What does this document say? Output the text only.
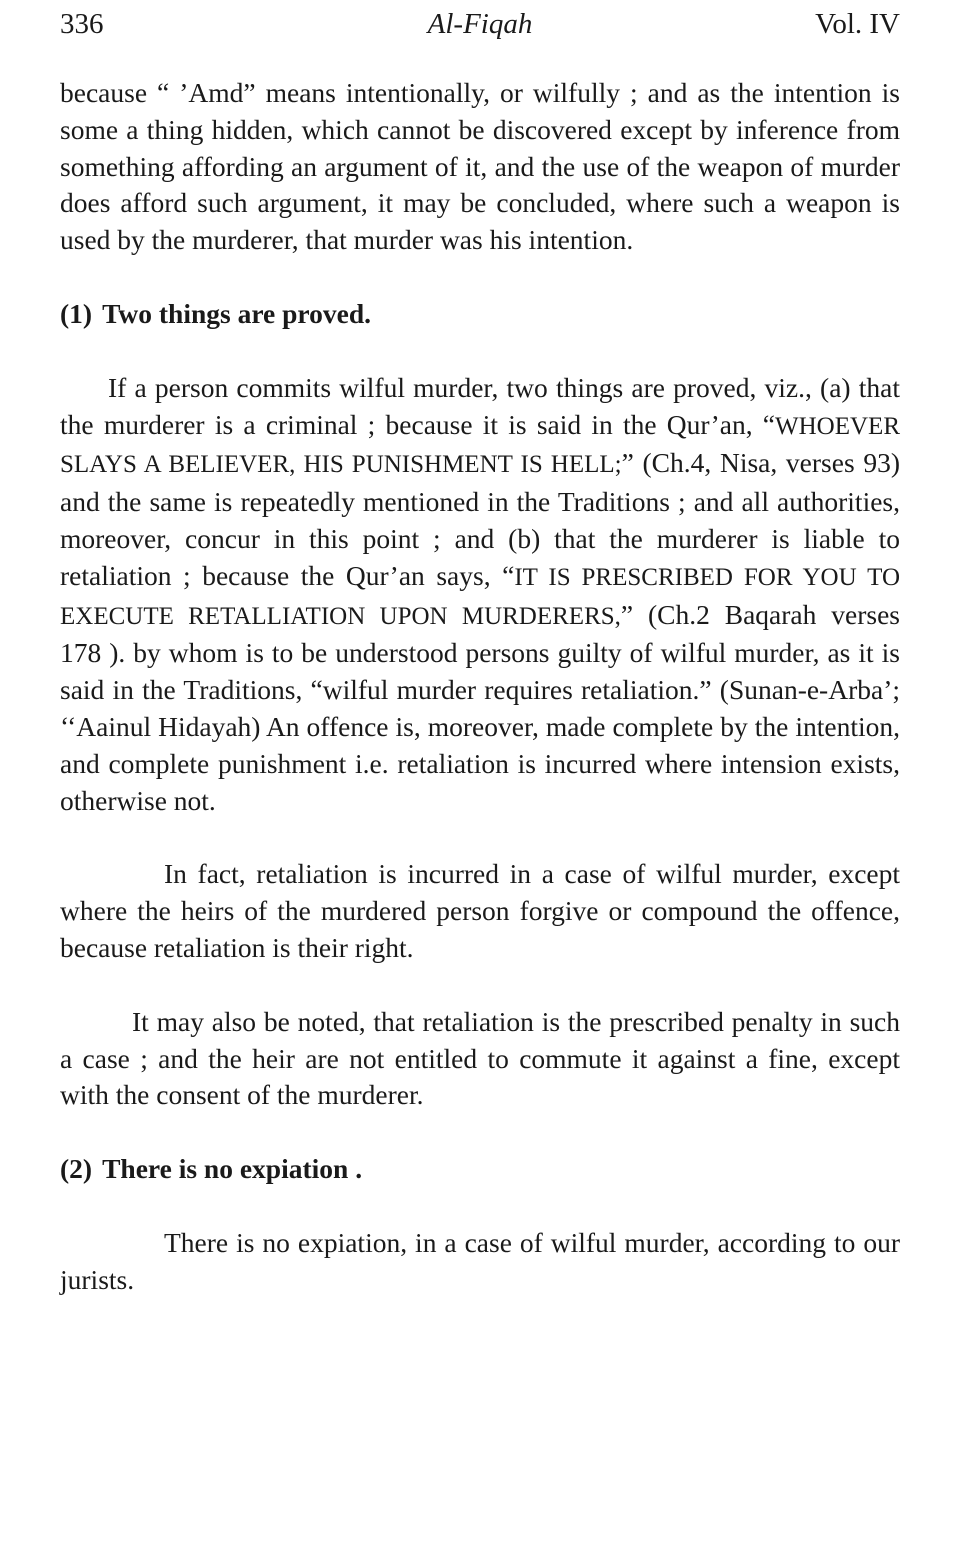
336	Al-Fiqah	Vol. IV

because “ ’Amd” means intentionally, or wilfully ; and as the intention is some a thing hidden, which cannot be discovered except by inference from something affording an argument of it, and the use of the weapon of murder does afford such argument, it may be concluded, where such a weapon is used by the murderer, that murder was his intention.

(1) Two things are proved.

If a person commits wilful murder, two things are proved, viz., (a) that the murderer is a criminal ; because it is said in the Qur’an, “WHOEVER SLAYS A BELIEVER, HIS PUNISHMENT IS HELL;” (Ch.4, Nisa, verses 93) and the same is repeatedly mentioned in the Traditions ; and all authorities, moreover, concur in this point ; and (b) that the murderer is liable to retaliation ; because the Qur’an says, “IT IS PRESCRIBED FOR YOU TO EXECUTE RETALLIATION UPON MURDERERS,” (Ch.2 Baqarah verses 178 ). by whom is to be understood persons guilty of wilful murder, as it is said in the Traditions, “wilful murder requires retaliation.” (Sunan-e-Arba’; ‘‘Aainul Hidayah) An offence is, moreover, made complete by the intention, and complete punishment i.e. retaliation is incurred where intension exists, otherwise not.

In fact, retaliation is incurred in a case of wilful murder, except where the heirs of the murdered person forgive or compound the offence, because retaliation is their right.

It may also be noted, that retaliation is the prescribed penalty in such a case ; and the heir are not entitled to commute it against a fine, except with the consent of the murderer.

(2) There is no expiation .

There is no expiation, in a case of wilful murder, according to our jurists.
